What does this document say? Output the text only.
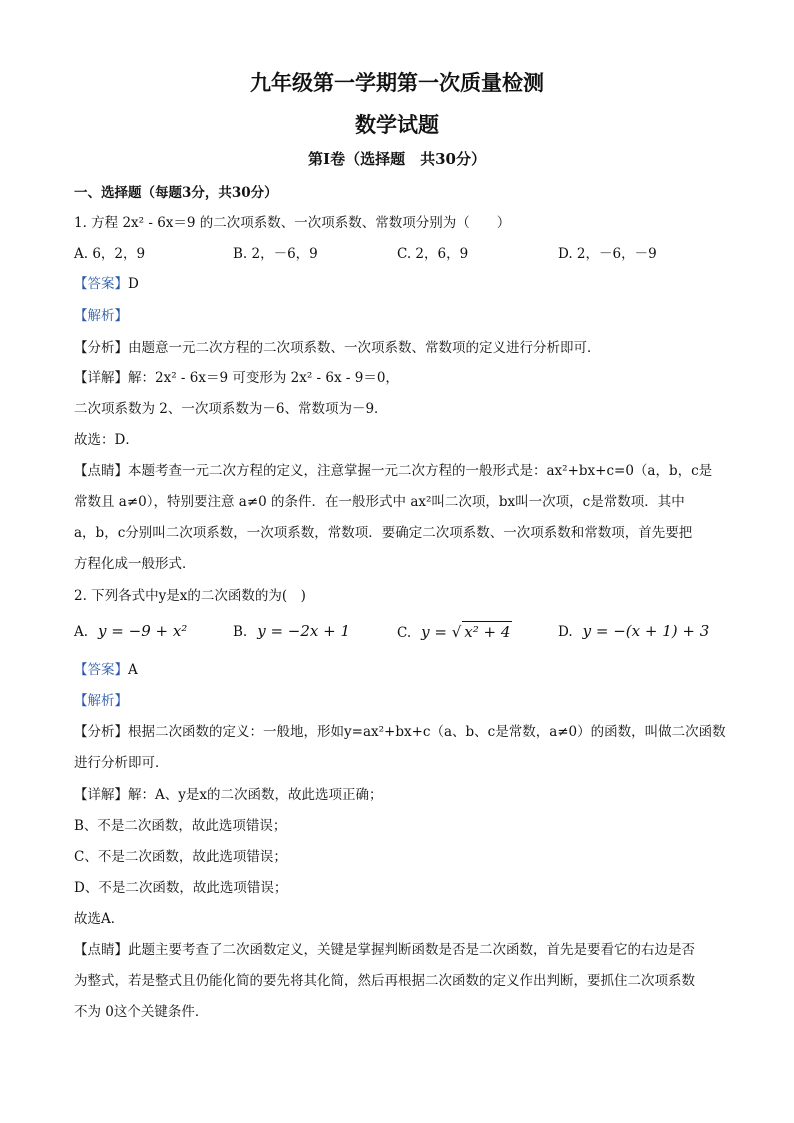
九年级第一学期第一次质量检测
数学试题
第Ⅰ卷（选择题　共30分）
一、选择题（每题3分，共30分）
1. 方程 2x² - 6x＝9 的二次项系数、一次项系数、常数项分别为（　　）
A. 6，2，9	B. 2，－6，9	C. 2，6，9	D. 2，－6，－9
【答案】D
【解析】
【分析】由题意一元二次方程的二次项系数、一次项系数、常数项的定义进行分析即可．
【详解】解：2x² - 6x＝9 可变形为 2x² - 6x - 9＝0，
二次项系数为 2、一次项系数为－6、常数项为－9．
故选：D．
【点睛】本题考查一元二次方程的定义，注意掌握一元二次方程的一般形式是：ax²+bx+c=0（a，b，c是
常数且 a≠0），特别要注意 a≠0 的条件．在一般形式中 ax²叫二次项，bx叫一次项，c是常数项．其中
a，b，c分别叫二次项系数，一次项系数，常数项．要确定二次项系数、一次项系数和常数项，首先要把
方程化成一般形式．
2. 下列各式中y是x的二次函数的为(　)
A. y = −9 + x²	B. y = −2x + 1	C. y = √ x² + 4	D. y = −(x + 1) + 3
【答案】A
【解析】
【分析】根据二次函数的定义：一般地，形如y=ax²+bx+c（a、b、c是常数，a≠0）的函数，叫做二次函数
进行分析即可．
【详解】解：A、y是x的二次函数，故此选项正确；
B、不是二次函数，故此选项错误；
C、不是二次函数，故此选项错误；
D、不是二次函数，故此选项错误；
故选A．
【点睛】此题主要考查了二次函数定义，关键是掌握判断函数是否是二次函数，首先是要看它的右边是否
为整式，若是整式且仍能化简的要先将其化简，然后再根据二次函数的定义作出判断，要抓住二次项系数
不为 0这个关键条件．
